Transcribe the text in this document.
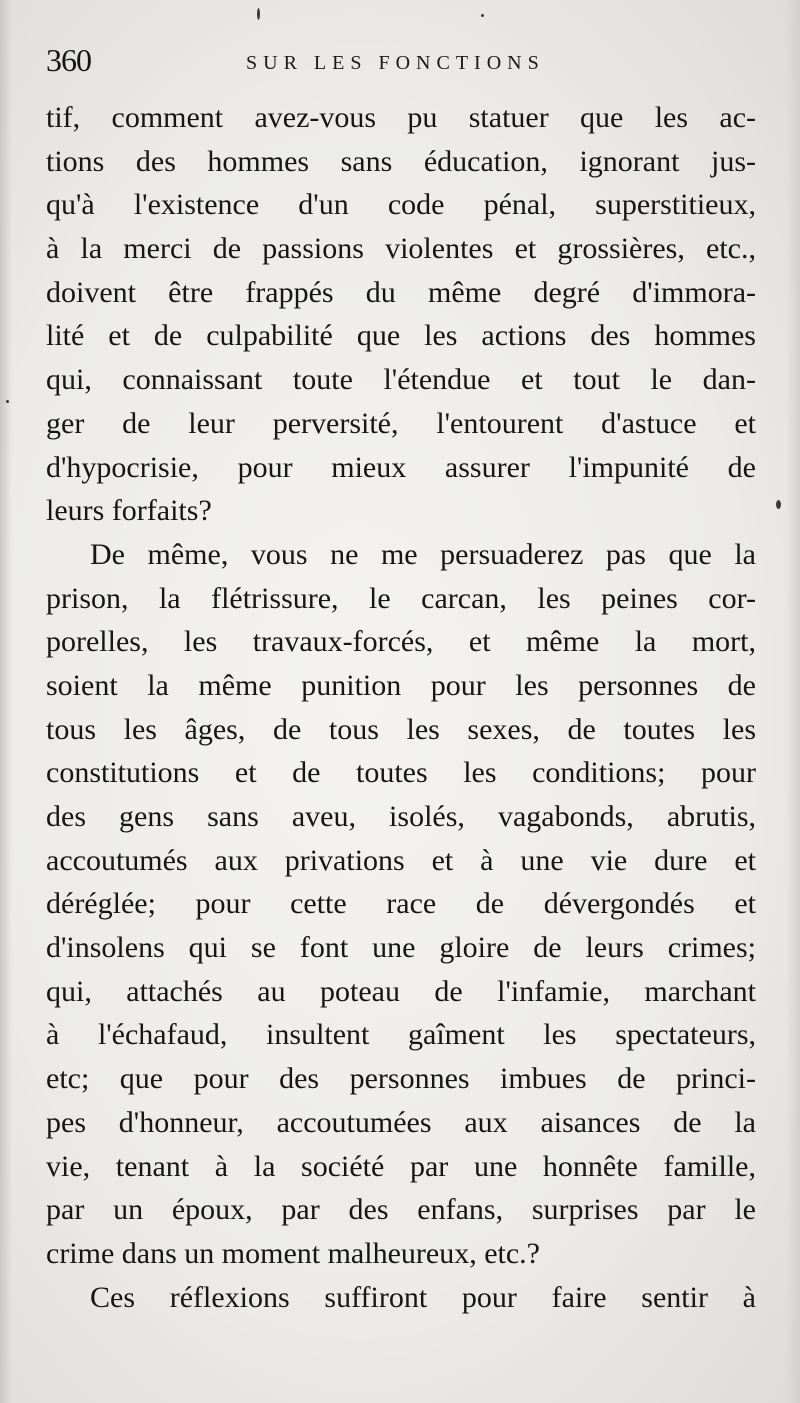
360	SUR LES FONCTIONS
tif, comment avez-vous pu statuer que les ac-
tions des hommes sans éducation, ignorant jus-
qu'à l'existence d'un code pénal, superstitieux,
à la merci de passions violentes et grossières, etc.,
doivent être frappés du même degré d'immora-
lité et de culpabilité que les actions des hommes
qui, connaissant toute l'étendue et tout le dan-
ger de leur perversité, l'entourent d'astuce et
d'hypocrisie, pour mieux assurer l'impunité de
leurs forfaits?
De même, vous ne me persuaderez pas que la
prison, la flétrissure, le carcan, les peines cor-
porelles, les travaux-forcés, et même la mort,
soient la même punition pour les personnes de
tous les âges, de tous les sexes, de toutes les
constitutions et de toutes les conditions; pour
des gens sans aveu, isolés, vagabonds, abrutis,
accoutumés aux privations et à une vie dure et
déréglée; pour cette race de dévergondés et
d'insolens qui se font une gloire de leurs crimes;
qui, attachés au poteau de l'infamie, marchant
à l'échafaud, insultent gaîment les spectateurs,
etc; que pour des personnes imbues de princi-
pes d'honneur, accoutumées aux aisances de la
vie, tenant à la société par une honnête famille,
par un époux, par des enfans, surprises par le
crime dans un moment malheureux, etc.?
Ces réflexions suffiront pour faire sentir à
